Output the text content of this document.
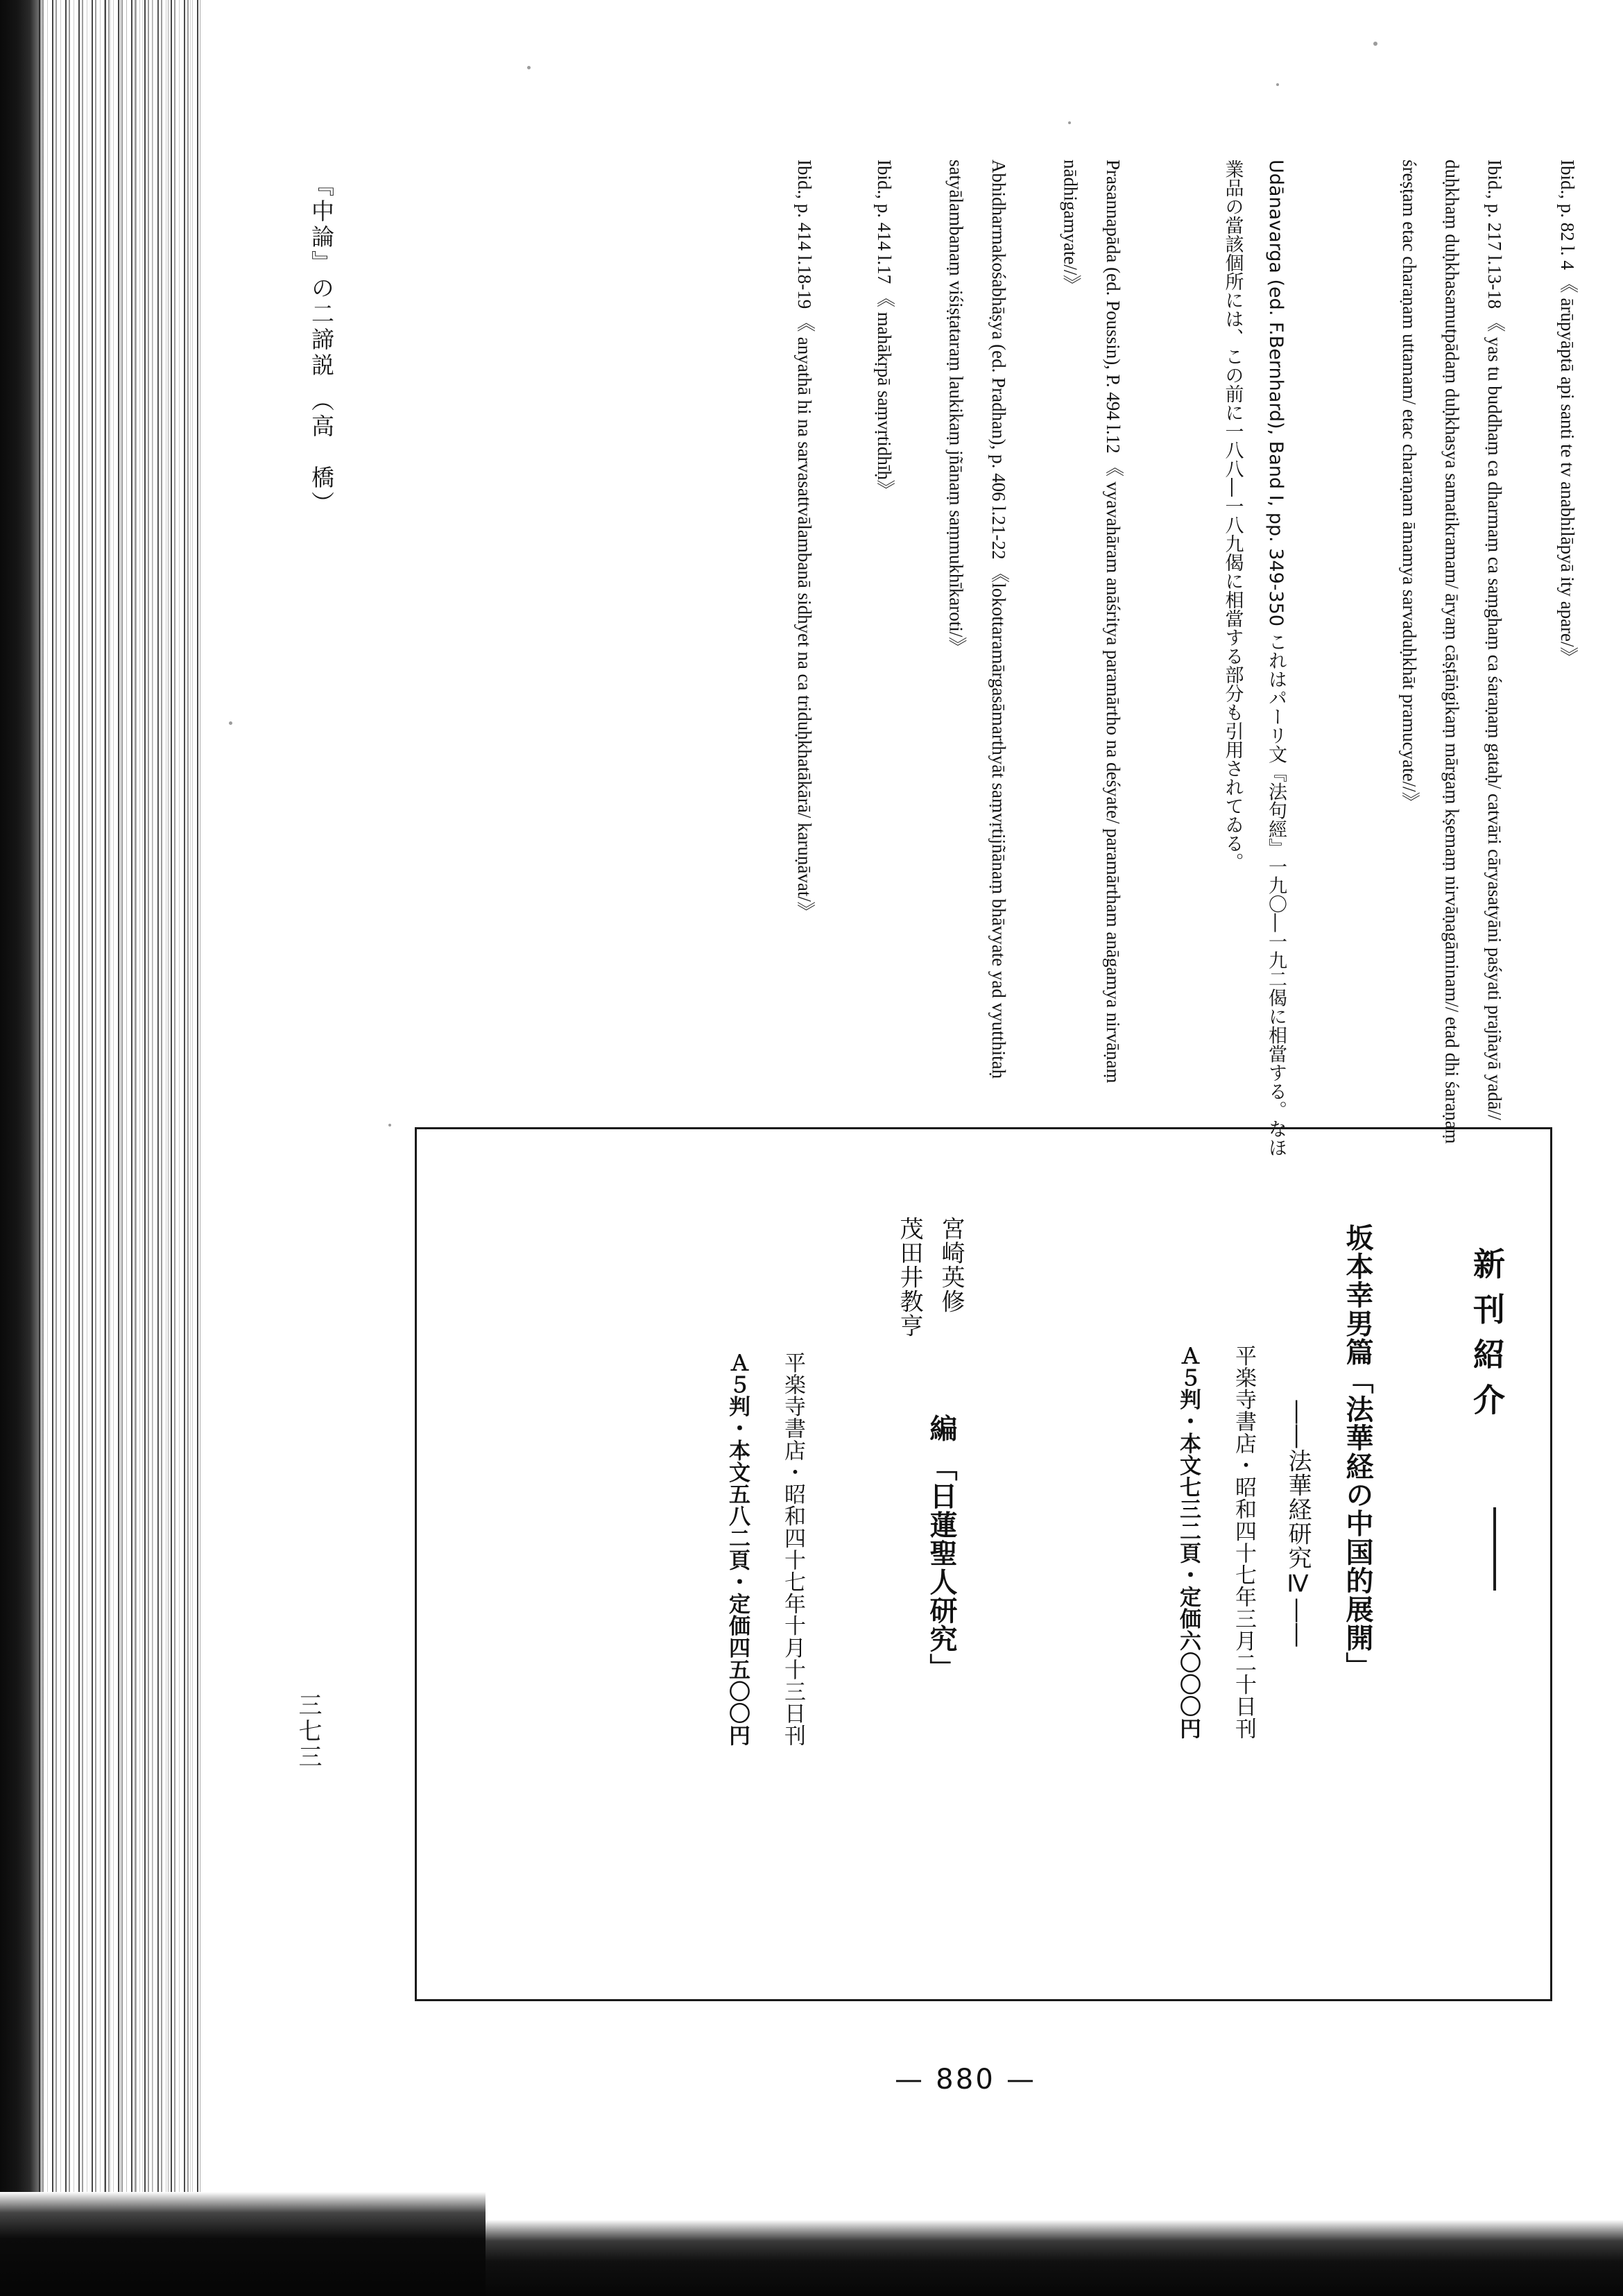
『中論』の二諦説 （高　橋）
三七三
Ibid., p. 82 l. 4 《 ārūpyāptā api santi te tv anabhilāpyā ity apare/》
Ibid., p. 217 l.13-18 《 yas tu buddhaṃ ca dharmaṃ ca saṃghaṃ ca śaraṇaṃ gataḥ/ catvāri cāryasatyāni paśyati prajñayā yadā// duḥkhaṃ duḥkhasamutpādaṃ duḥkhasya samatikramam/ āryaṃ cāṣṭāṅgikaṃ mārgaṃ kṣemaṃ nirvāṇagāminam// etad dhi śaraṇaṃ śreṣṭam etac charaṇam uttamam/ etac charaṇam āmamya sarvaduḥkhāt pramucyate//》
Udānavarga (ed. F.Bernhard), Band I, pp. 349-350 これはパーリ文『法句經』一九〇―一九二偈に相當する。なほ業品の當該個所には、この前に一八八―一八九偈に相當する部分も引用されてゐる。
Prasannapāda (ed. Poussin), P. 494 l.12 《 vyavahāram anāśritya paramārtho na deśyate/ paramārtham anāgamya nirvāṇaṃ nādhigamyate//》
Abhidharmakośabhāṣya (ed. Pradhan), p. 406 l.21-22 《lokottaramārgasāmarthyāt saṃvṛtijñānaṃ bhāvyate yad vyutthitaḥ satyālambanaṃ viśiṣṭataraṃ laukikaṃ jñānaṃ saṃmukhīkaroti/》
Ibid., p. 414 l.17 《 mahākṛpā saṃvṛtidhīḥ》
Ibid., p. 414 l.18-19 《 anyathā hi na sarvasattvālambanā sidhyet na ca triduḥkhatākārā/ karuṇāvat/》
新刊紹介

坂本幸男篇「法華経の中国的展開」

――法華経研究Ⅳ――

平楽寺書店・昭和四十七年三月二十日刊

Ａ５判・本文七三二頁・定価六〇〇〇円

宮崎英修

茂田井教亨

編 「日蓮聖人研究」

平楽寺書店・昭和四十七年十月十三日刊

Ａ５判・本文五八二頁・定価四五〇〇円

— 880 —
